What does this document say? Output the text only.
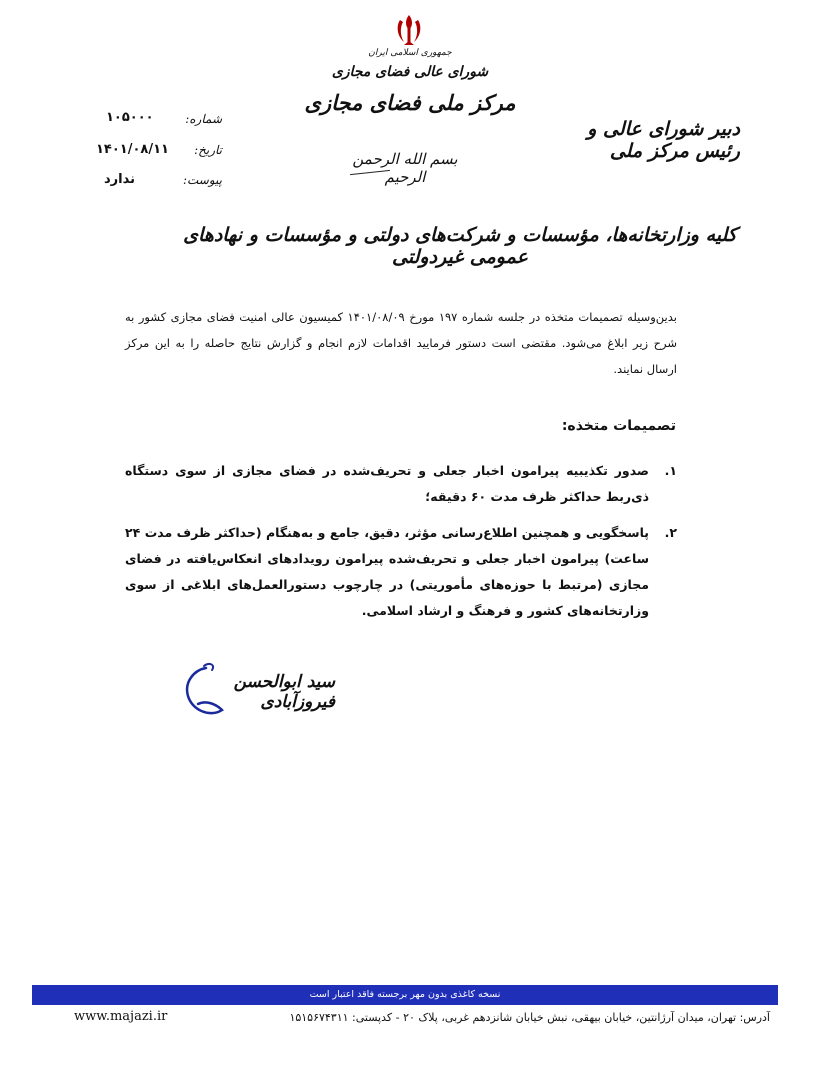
جمهوری اسلامی ایران
شورای عالی فضای مجازی
مرکز ملی فضای مجازی
بسم الله الرحمن الرحیم
دبیر شورای عالی و رئیس مرکز ملی
شماره:
۱۰۵۰۰۰
تاریخ:
۱۴۰۱/۰۸/۱۱
پیوست:
ندارد
کلیه وزارتخانه‌ها، مؤسسات و شرکت‌های دولتی و مؤسسات و نهادهای عمومی غیردولتی
بدین‌وسیله تصمیمات متخذه در جلسه شماره ۱۹۷ مورخ ۱۴۰۱/۰۸/۰۹ کمیسیون عالی امنیت فضای مجازی کشور به شرح زیر ابلاغ می‌شود. مقتضی است دستور فرمایید اقدامات لازم انجام و گزارش نتایج حاصله را به این مرکز ارسال نمایند.
تصمیمات متخذه:
۱.
صدور تکذیبیه پیرامون اخبار جعلی و تحریف‌شده در فضای مجازی از سوی دستگاه ذی‌ربط حداکثر ظرف مدت ۶۰ دقیقه؛
۲.
پاسخگویی و همچنین اطلاع‌رسانی مؤثر، دقیق، جامع و به‌هنگام (حداکثر ظرف مدت ۲۴ ساعت) پیرامون اخبار جعلی و تحریف‌شده پیرامون رویدادهای انعکاس‌یافته در فضای مجازی (مرتبط با حوزه‌های مأموریتی) در چارچوب دستورالعمل‌های ابلاغی از سوی وزارتخانه‌های کشور و فرهنگ و ارشاد اسلامی.
سید ابوالحسن فیروزآبادی
نسخه کاغذی بدون مهر برجسته فاقد اعتبار است
آدرس: تهران، میدان آرژانتین، خیابان بیهقی، نبش خیابان شانزدهم غربی، پلاک ۲۰ - کدپستی: ۱۵۱۵۶۷۴۳۱۱
www.majazi.ir
